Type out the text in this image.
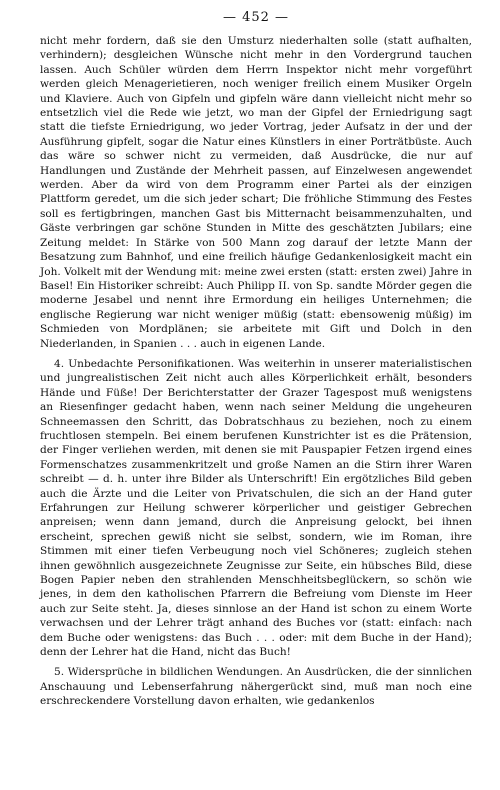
— 452 —

nicht mehr fordern, daß sie den Umsturz niederhalten solle (statt aufhalten, verhindern); desgleichen Wünsche nicht mehr in den Vordergrund tauchen lassen. Auch Schüler würden dem Herrn Inspektor nicht mehr vorgeführt werden gleich Menagerietieren, noch weniger freilich einem Musiker Orgeln und Klaviere. Auch von Gipfeln und gipfeln wäre dann vielleicht nicht mehr so entsetzlich viel die Rede wie jetzt, wo man der Gipfel der Erniedrigung sagt statt die tiefste Erniedrigung, wo jeder Vortrag, jeder Aufsatz in der und der Ausführung gipfelt, sogar die Natur eines Künstlers in einer Porträtbüste. Auch das wäre so schwer nicht zu vermeiden, daß Ausdrücke, die nur auf Handlungen und Zustände der Mehrheit passen, auf Einzelwesen angewendet werden. Aber da wird von dem Programm einer Partei als der einzigen Plattform geredet, um die sich jeder schart; Die fröhliche Stimmung des Festes soll es fertigbringen, manchen Gast bis Mitternacht beisammenzuhalten, und Gäste verbringen gar schöne Stunden in Mitte des geschätzten Jubilars; eine Zeitung meldet: In Stärke von 500 Mann zog darauf der letzte Mann der Besatzung zum Bahnhof, und eine freilich häufige Gedankenlosigkeit macht ein Joh. Volkelt mit der Wendung mit: meine zwei ersten (statt: ersten zwei) Jahre in Basel! Ein Historiker schreibt: Auch Philipp II. von Sp. sandte Mörder gegen die moderne Jesabel und nennt ihre Ermordung ein heiliges Unternehmen; die englische Regierung war nicht weniger müßig (statt: ebensowenig müßig) im Schmieden von Mordplänen; sie arbeitete mit Gift und Dolch in den Niederlanden, in Spanien . . . auch in eigenen Lande.

4. Unbedachte Personifikationen. Was weiterhin in unserer materialistischen und jungrealistischen Zeit nicht auch alles Körperlichkeit erhält, besonders Hände und Füße! Der Berichterstatter der Grazer Tagespost muß wenigstens an Riesenfinger gedacht haben, wenn nach seiner Meldung die ungeheuren Schneemassen den Schritt, das Dobratschhaus zu beziehen, noch zu einem fruchtlosen stempeln. Bei einem berufenen Kunstrichter ist es die Prätension, der Finger verliehen werden, mit denen sie mit Pauspapier Fetzen irgend eines Formenschatzes zusammenkritzelt und große Namen an die Stirn ihrer Waren schreibt — d. h. unter ihre Bilder als Unterschrift! Ein ergötzliches Bild geben auch die Ärzte und die Leiter von Privatschulen, die sich an der Hand guter Erfahrungen zur Heilung schwerer körperlicher und geistiger Gebrechen anpreisen; wenn dann jemand, durch die Anpreisung gelockt, bei ihnen erscheint, sprechen gewiß nicht sie selbst, sondern, wie im Roman, ihre Stimmen mit einer tiefen Verbeugung noch viel Schöneres; zugleich stehen ihnen gewöhnlich ausgezeichnete Zeugnisse zur Seite, ein hübsches Bild, diese Bogen Papier neben den strahlenden Menschheitsbeglückern, so schön wie jenes, in dem den katholischen Pfarrern die Befreiung vom Dienste im Heer auch zur Seite steht. Ja, dieses sinnlose an der Hand ist schon zu einem Worte verwachsen und der Lehrer trägt anhand des Buches vor (statt: einfach: nach dem Buche oder wenigstens: das Buch . . . oder: mit dem Buche in der Hand); denn der Lehrer hat die Hand, nicht das Buch!

5. Widersprüche in bildlichen Wendungen. An Ausdrücken, die der sinnlichen Anschauung und Lebenserfahrung nähergerückt sind, muß man noch eine erschreckendere Vorstellung davon erhalten, wie gedankenlos
